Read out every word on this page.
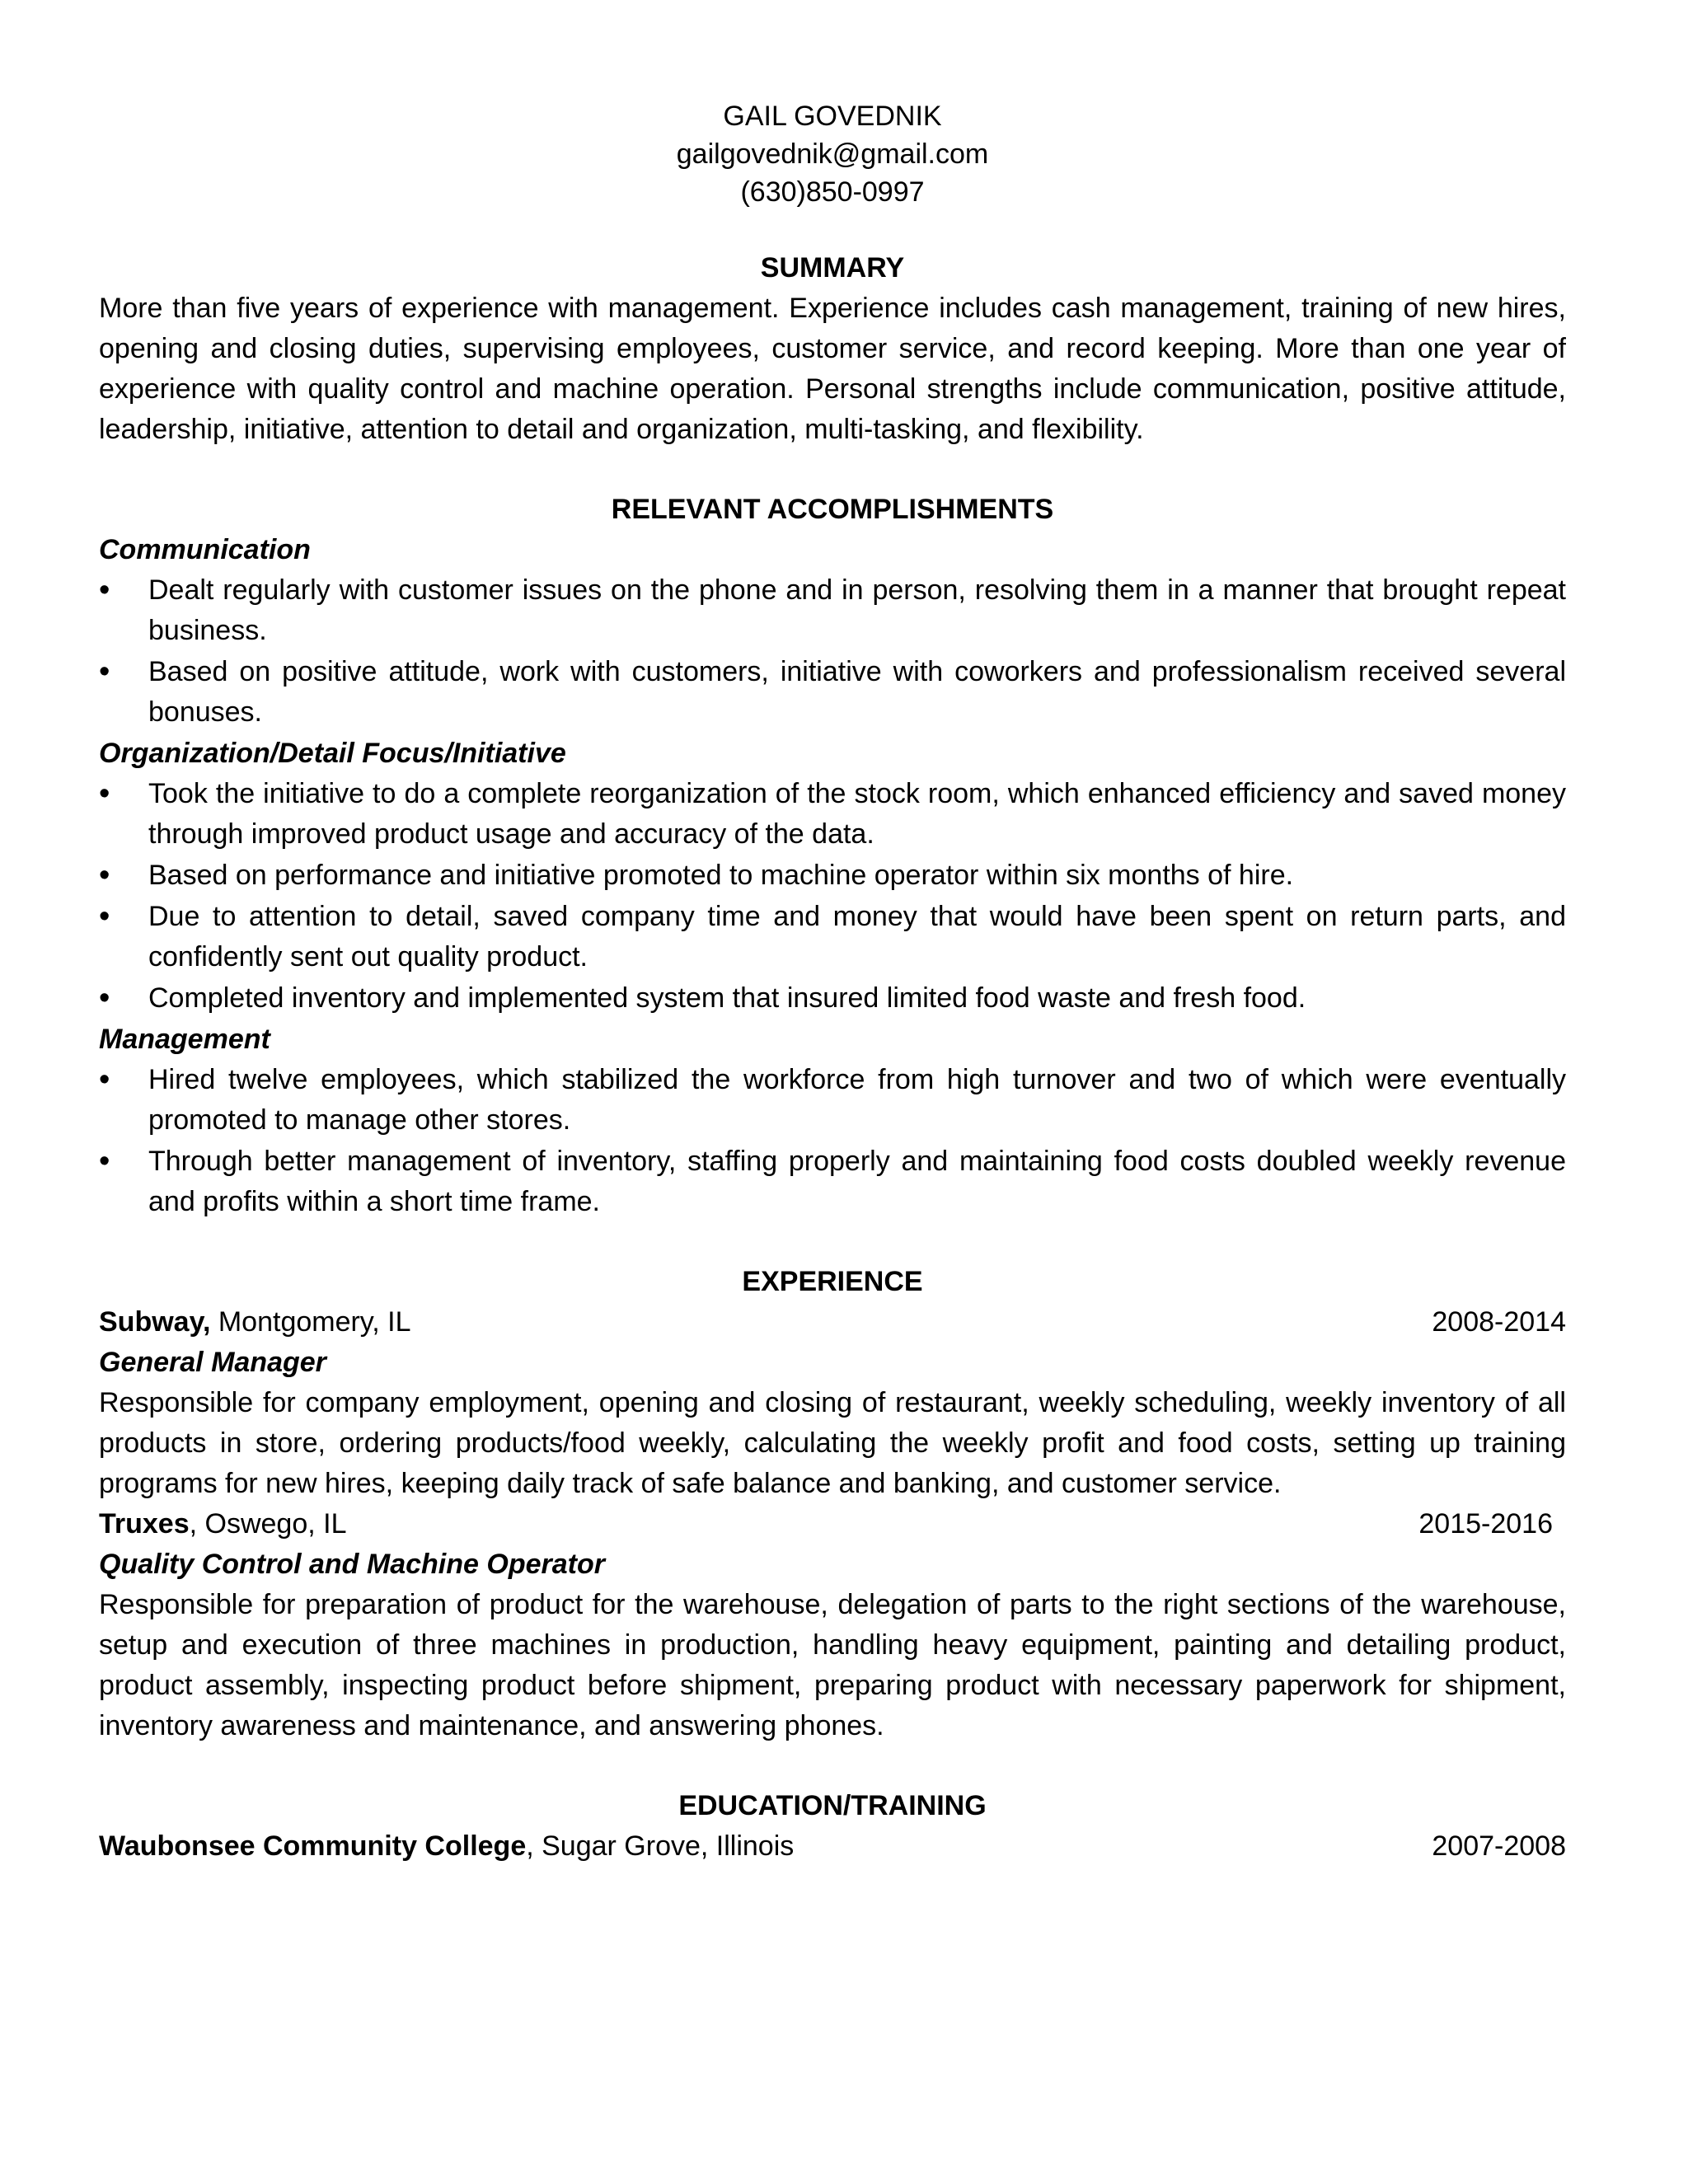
GAIL GOVEDNIK
gailgovednik@gmail.com
(630)850-0997
SUMMARY
More than five years of experience with management. Experience includes cash management, training of new hires, opening and closing duties, supervising employees, customer service, and record keeping. More than one year of experience with quality control and machine operation. Personal strengths include communication, positive attitude, leadership, initiative, attention to detail and organization, multi-tasking, and flexibility.
RELEVANT ACCOMPLISHMENTS
Communication
• Dealt regularly with customer issues on the phone and in person, resolving them in a manner that brought repeat business.
• Based on positive attitude, work with customers, initiative with coworkers and professionalism received several bonuses.
Organization/Detail Focus/Initiative
• Took the initiative to do a complete reorganization of the stock room, which enhanced efficiency and saved money through improved product usage and accuracy of the data.
• Based on performance and initiative promoted to machine operator within six months of hire.
• Due to attention to detail, saved company time and money that would have been spent on return parts, and confidently sent out quality product.
• Completed inventory and implemented system that insured limited food waste and fresh food.
Management
• Hired twelve employees, which stabilized the workforce from high turnover and two of which were eventually promoted to manage other stores.
• Through better management of inventory, staffing properly and maintaining food costs doubled weekly revenue and profits within a short time frame.
EXPERIENCE
Subway, Montgomery, IL	2008-2014
General Manager
Responsible for company employment, opening and closing of restaurant, weekly scheduling, weekly inventory of all products in store, ordering products/food weekly, calculating the weekly profit and food costs, setting up training programs for new hires, keeping daily track of safe balance and banking, and customer service.
Truxes, Oswego, IL	2015-2016
Quality Control and Machine Operator
Responsible for preparation of product for the warehouse, delegation of parts to the right sections of the warehouse, setup and execution of three machines in production, handling heavy equipment, painting and detailing product, product assembly, inspecting product before shipment, preparing product with necessary paperwork for shipment, inventory awareness and maintenance, and answering phones.
EDUCATION/TRAINING
Waubonsee Community College, Sugar Grove, Illinois	2007-2008
